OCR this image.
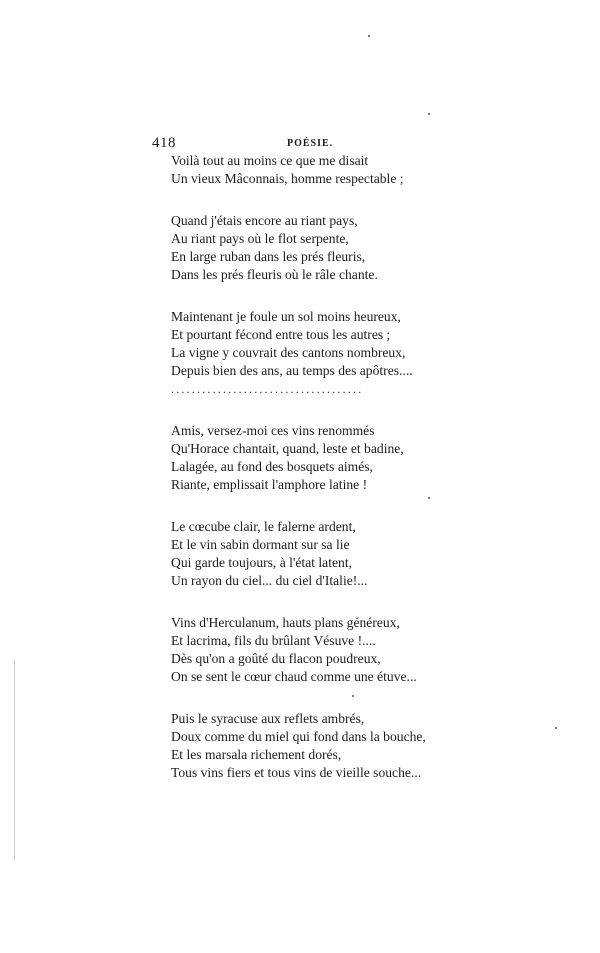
418	POÉSIE.
Voilà tout au moins ce que me disait
Un vieux Mâconnais, homme respectable ;
Quand j'étais encore au riant pays,
Au riant pays où le flot serpente,
En large ruban dans les prés fleuris,
Dans les prés fleuris où le râle chante.
Maintenant je foule un sol moins heureux,
Et pourtant fécond entre tous les autres ;
La vigne y couvrait des cantons nombreux,
Depuis bien des ans, au temps des apôtres....
.....................................
Amis, versez-moi ces vins renommés
Qu'Horace chantait, quand, leste et badine,
Lalagée, au fond des bosquets aimés,
Riante, emplissait l'amphore latine !
Le cœcube clair, le falerne ardent,
Et le vin sabin dormant sur sa lie
Qui garde toujours, à l'état latent,
Un rayon du ciel... du ciel d'Italie!...
Vins d'Herculanum, hauts plans généreux,
Et lacrima, fils du brûlant Vésuve !....
Dès qu'on a goûté du flacon poudreux,
On se sent le cœur chaud comme une étuve...
Puis le syracuse aux reflets ambrés,
Doux comme du miel qui fond dans la bouche,
Et les marsala richement dorés,
Tous vins fiers et tous vins de vieille souche...
